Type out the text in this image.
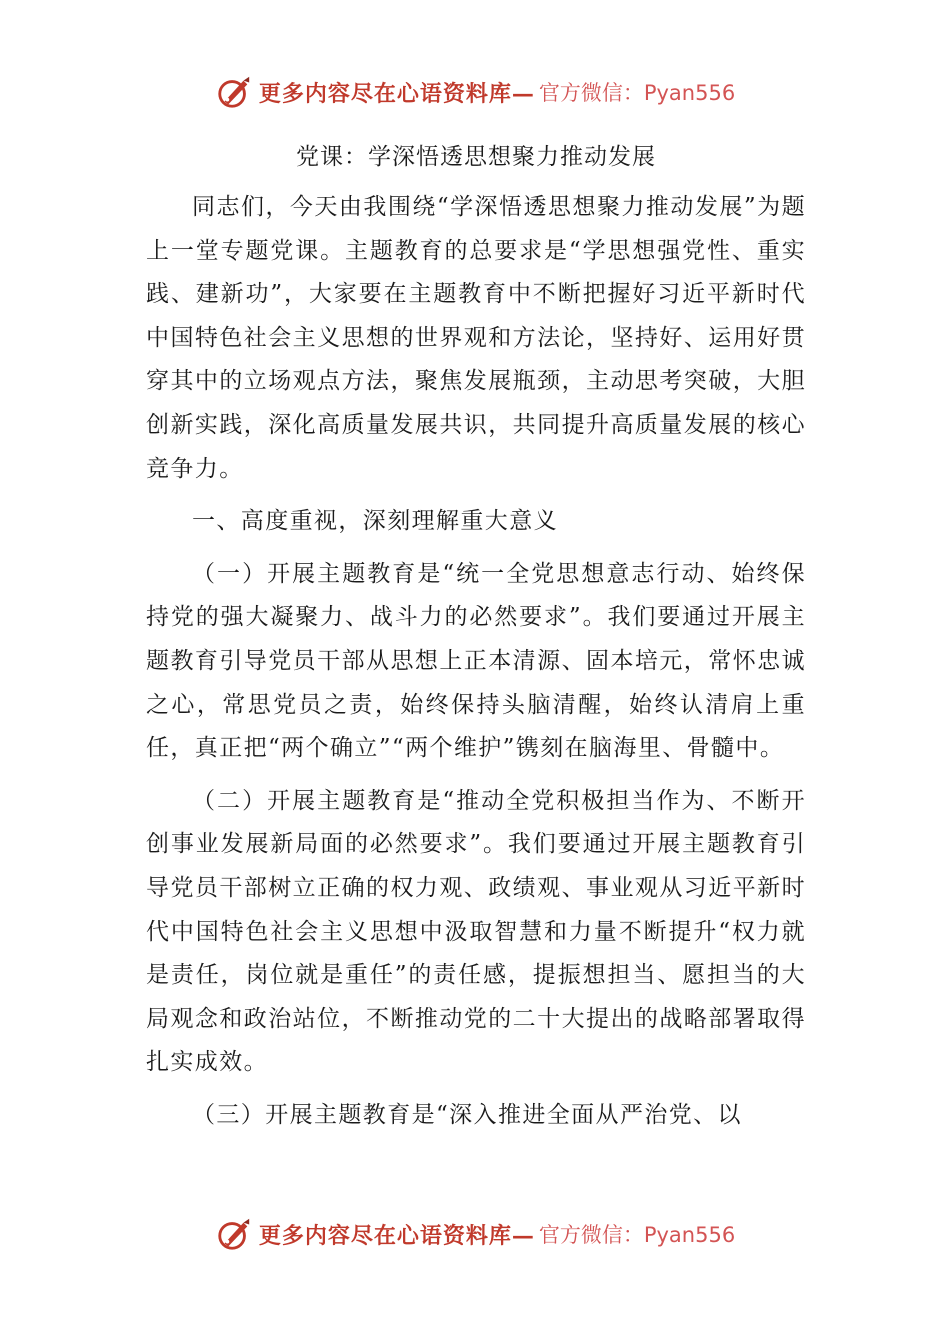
更多内容尽在心语资料库— 官方微信：Pyan556
党课：学深悟透思想聚力推动发展

同志们，今天由我围绕“学深悟透思想聚力推动发展”为题上一堂专题党课。主题教育的总要求是“学思想强党性、重实践、建新功”，大家要在主题教育中不断把握好习近平新时代中国特色社会主义思想的世界观和方法论，坚持好、运用好贯穿其中的立场观点方法，聚焦发展瓶颈，主动思考突破，大胆创新实践，深化高质量发展共识，共同提升高质量发展的核心竞争力。

一、高度重视，深刻理解重大意义

（一）开展主题教育是“统一全党思想意志行动、始终保持党的强大凝聚力、战斗力的必然要求”。我们要通过开展主题教育引导党员干部从思想上正本清源、固本培元，常怀忠诚之心，常思党员之责，始终保持头脑清醒，始终认清肩上重任，真正把“两个确立”“两个维护”镌刻在脑海里、骨髓中。

（二）开展主题教育是“推动全党积极担当作为、不断开创事业发展新局面的必然要求”。我们要通过开展主题教育引导党员干部树立正确的权力观、政绩观、事业观从习近平新时代中国特色社会主义思想中汲取智慧和力量不断提升“权力就是责任，岗位就是重任”的责任感，提振想担当、愿担当的大局观念和政治站位，不断推动党的二十大提出的战略部署取得扎实成效。

（三）开展主题教育是“深入推进全面从严治党、以

更多内容尽在心语资料库— 官方微信：Pyan556
